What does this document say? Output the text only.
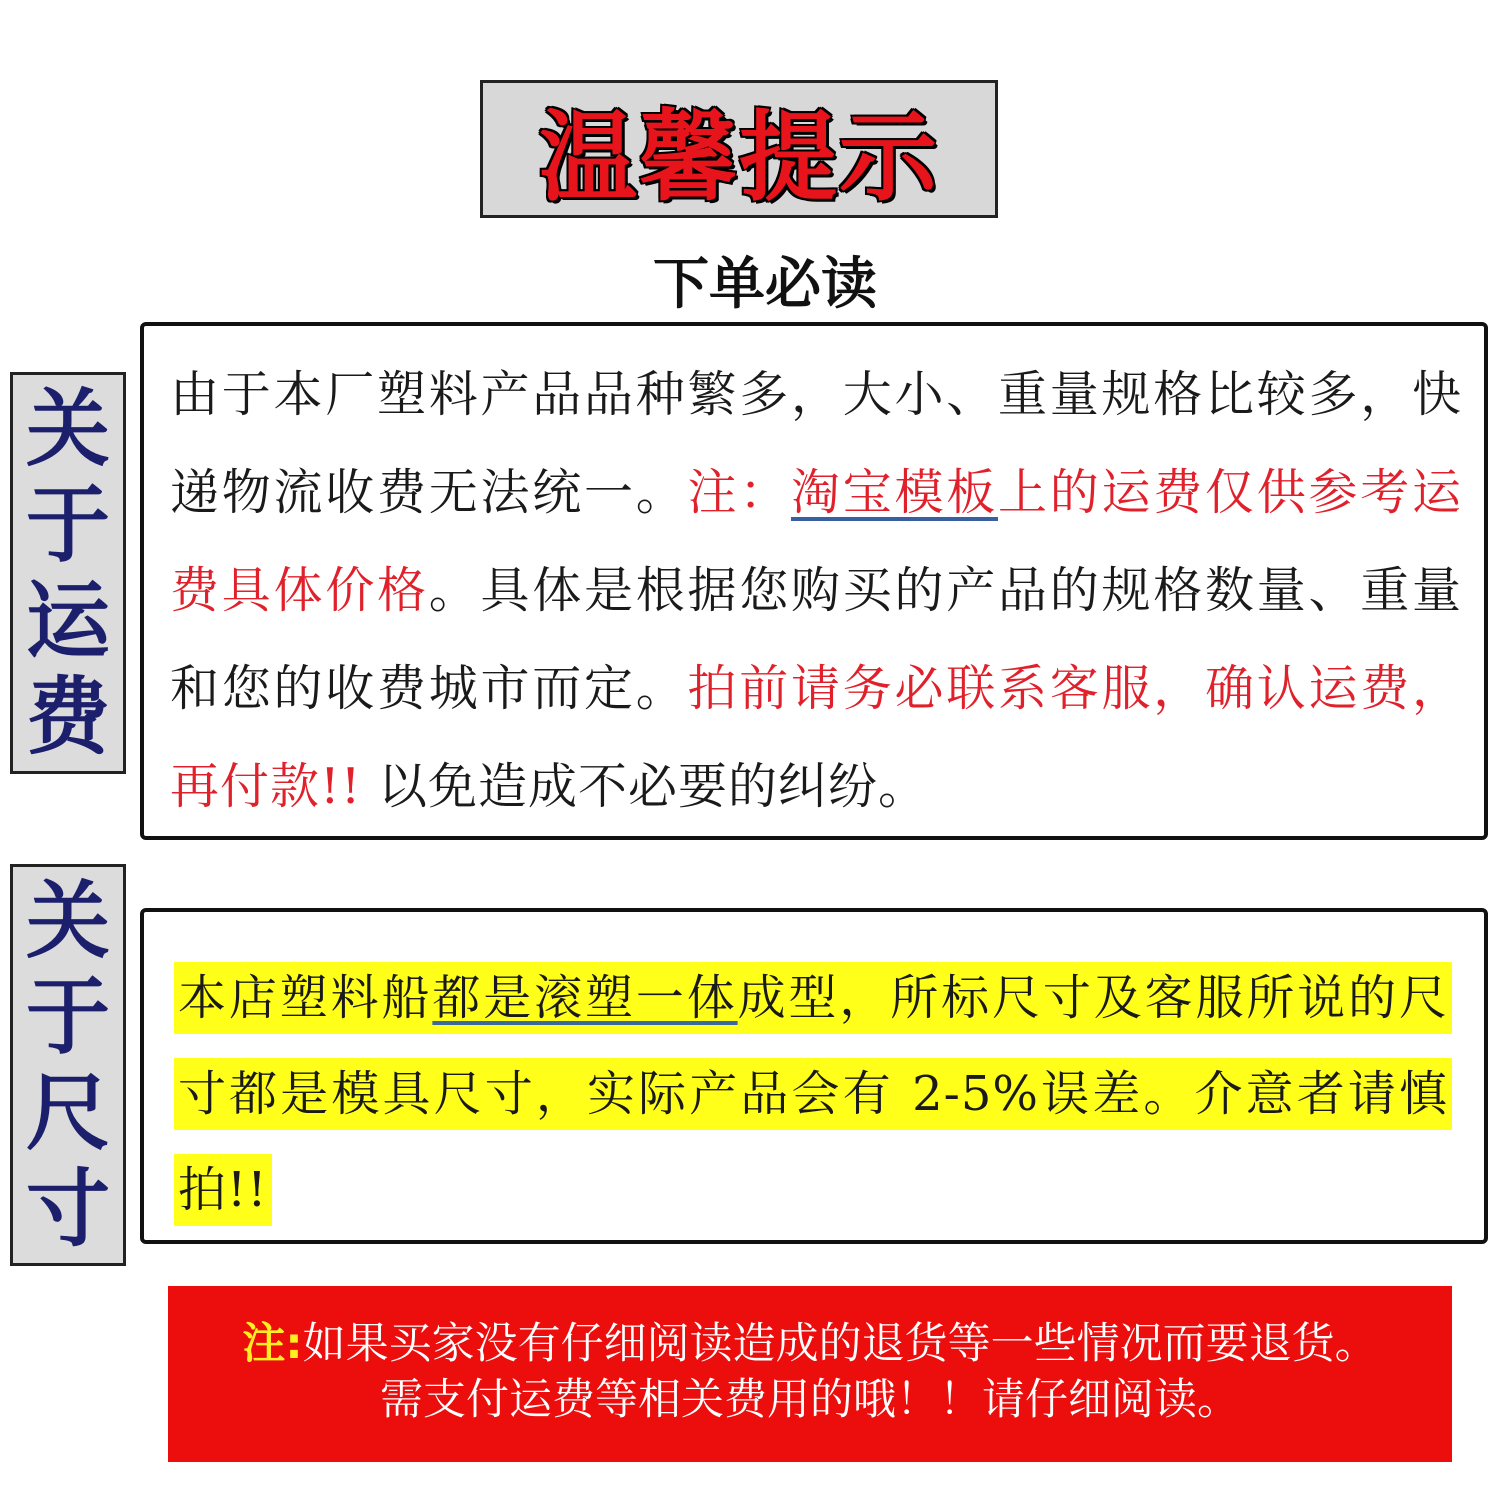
温馨提示
下单必读
关
于
运
费

由于本厂塑料产品品种繁多，大小、重量规格比较多，快递物流收费无法统一。注：淘宝模板上的运费仅供参考运费具体价格。具体是根据您购买的产品的规格数量、重量和您的收费城市而定。拍前请务必联系客服，确认运费，再付款!! 以免造成不必要的纠纷。

关
于
尺
寸

本店塑料船都是滚塑一体成型，所标尺寸及客服所说的尺寸都是模具尺寸，实际产品会有 2-5%误差。介意者请慎拍!!

注:如果买家没有仔细阅读造成的退货等一些情况而要退货。
需支付运费等相关费用的哦！！请仔细阅读。
